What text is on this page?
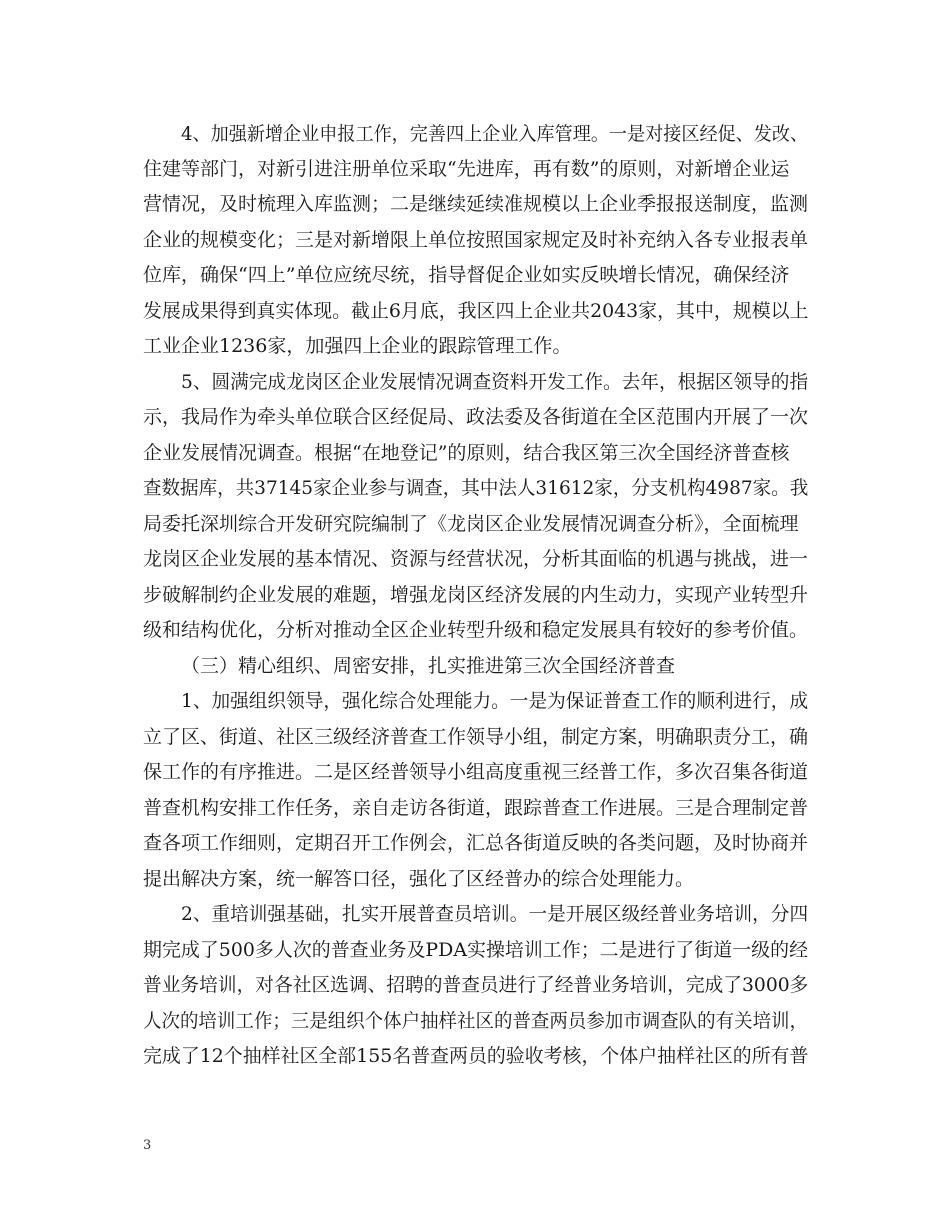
4、加强新增企业申报工作，完善四上企业入库管理。一是对接区经促、发改、
住建等部门，对新引进注册单位采取“先进库，再有数”的原则，对新增企业运
营情况，及时梳理入库监测；二是继续延续准规模以上企业季报报送制度，监测
企业的规模变化；三是对新增限上单位按照国家规定及时补充纳入各专业报表单
位库，确保“四上”单位应统尽统，指导督促企业如实反映增长情况，确保经济
发展成果得到真实体现。截止6月底，我区四上企业共2043家，其中，规模以上
工业企业1236家，加强四上企业的跟踪管理工作。
5、圆满完成龙岗区企业发展情况调查资料开发工作。去年，根据区领导的指
示，我局作为牵头单位联合区经促局、政法委及各街道在全区范围内开展了一次
企业发展情况调查。根据“在地登记”的原则，结合我区第三次全国经济普查核
查数据库，共37145家企业参与调查，其中法人31612家，分支机构4987家。我
局委托深圳综合开发研究院编制了《龙岗区企业发展情况调查分析》，全面梳理
龙岗区企业发展的基本情况、资源与经营状况，分析其面临的机遇与挑战，进一
步破解制约企业发展的难题，增强龙岗区经济发展的内生动力，实现产业转型升
级和结构优化，分析对推动全区企业转型升级和稳定发展具有较好的参考价值。
（三）精心组织、周密安排，扎实推进第三次全国经济普查
1、加强组织领导，强化综合处理能力。一是为保证普查工作的顺利进行，成
立了区、街道、社区三级经济普查工作领导小组，制定方案，明确职责分工，确
保工作的有序推进。二是区经普领导小组高度重视三经普工作，多次召集各街道
普查机构安排工作任务，亲自走访各街道，跟踪普查工作进展。三是合理制定普
查各项工作细则，定期召开工作例会，汇总各街道反映的各类问题，及时协商并
提出解决方案，统一解答口径，强化了区经普办的综合处理能力。
2、重培训强基础，扎实开展普查员培训。一是开展区级经普业务培训，分四
期完成了500多人次的普查业务及PDA实操培训工作；二是进行了街道一级的经
普业务培训，对各社区选调、招聘的普查员进行了经普业务培训，完成了3000多
人次的培训工作；三是组织个体户抽样社区的普查两员参加市调查队的有关培训，
完成了12个抽样社区全部155名普查两员的验收考核，个体户抽样社区的所有普
3
